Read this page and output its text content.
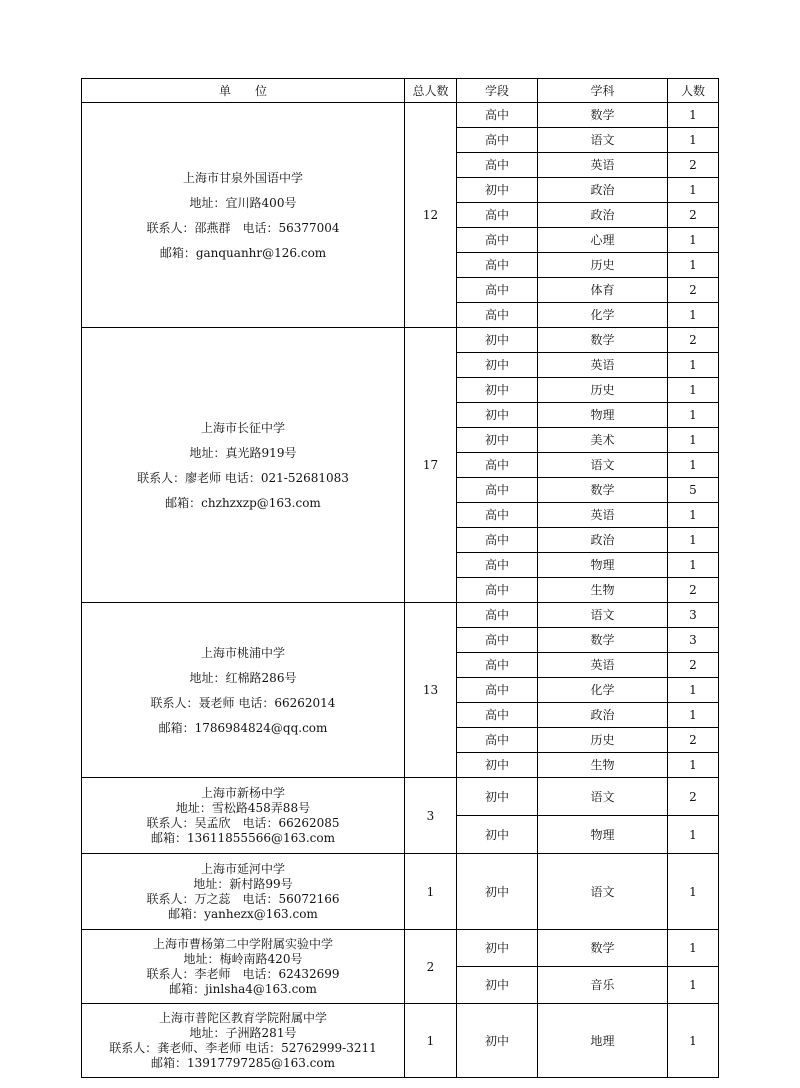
单　　位	总人数	学段	学科	人数

上海市甘泉外国语中学
地址：宜川路400号
联系人：邵燕群　电话：56377004
邮箱：ganquanhr@126.com	12	高中	数学	1
		高中	语文	1
		高中	英语	2
		初中	政治	1
		高中	政治	2
		高中	心理	1
		高中	历史	1
		高中	体育	2
		高中	化学	1

上海市长征中学
地址：真光路919号
联系人：廖老师 电话：021-52681083
邮箱：chzhzxzp@163.com	17	初中	数学	2
		初中	英语	1
		初中	历史	1
		初中	物理	1
		初中	美术	1
		高中	语文	1
		高中	数学	5
		高中	英语	1
		高中	政治	1
		高中	物理	1
		高中	生物	2

上海市桃浦中学
地址：红棉路286号
联系人：聂老师 电话：66262014
邮箱：1786984824@qq.com	13	高中	语文	3
		高中	数学	3
		高中	英语	2
		高中	化学	1
		高中	政治	1
		高中	历史	2
		初中	生物	1

上海市新杨中学
地址：雪松路458弄88号
联系人：吴孟欣　电话：66262085
邮箱：13611855566@163.com	3	初中	语文	2
		初中	物理	1

上海市延河中学
地址：新村路99号
联系人：万之蕊　电话：56072166
邮箱：yanhezx@163.com	1	初中	语文	1

上海市曹杨第二中学附属实验中学
地址：梅岭南路420号
联系人：李老师　电话：62432699
邮箱：jinlsha4@163.com	2	初中	数学	1
		初中	音乐	1

上海市普陀区教育学院附属中学
地址：子洲路281号
联系人：龚老师、李老师 电话：52762999-3211
邮箱：13917797285@163.com	1	初中	地理	1
